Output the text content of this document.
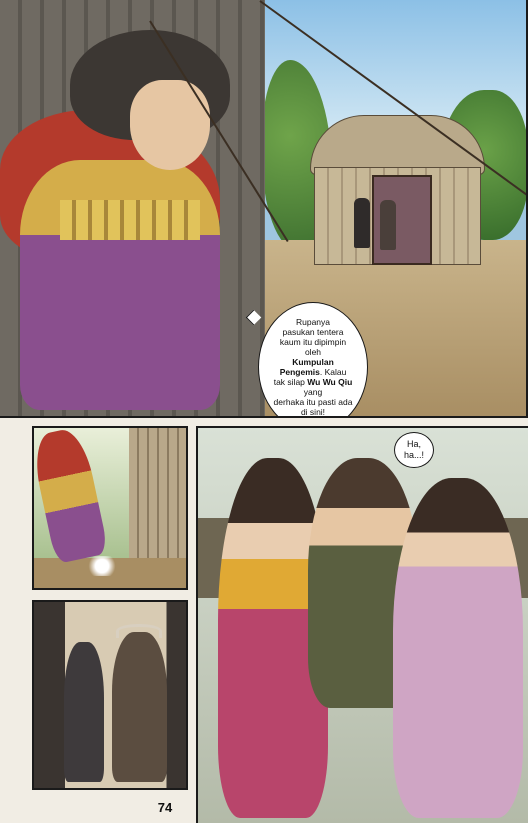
Rupanya
pasukan tentera
kaum itu dipimpin oleh
Kumpulan Pengemis. Kalau
tak silap Wu Wu Qiu yang
derhaka itu pasti ada
di sini!
Ha,
ha...!
74
